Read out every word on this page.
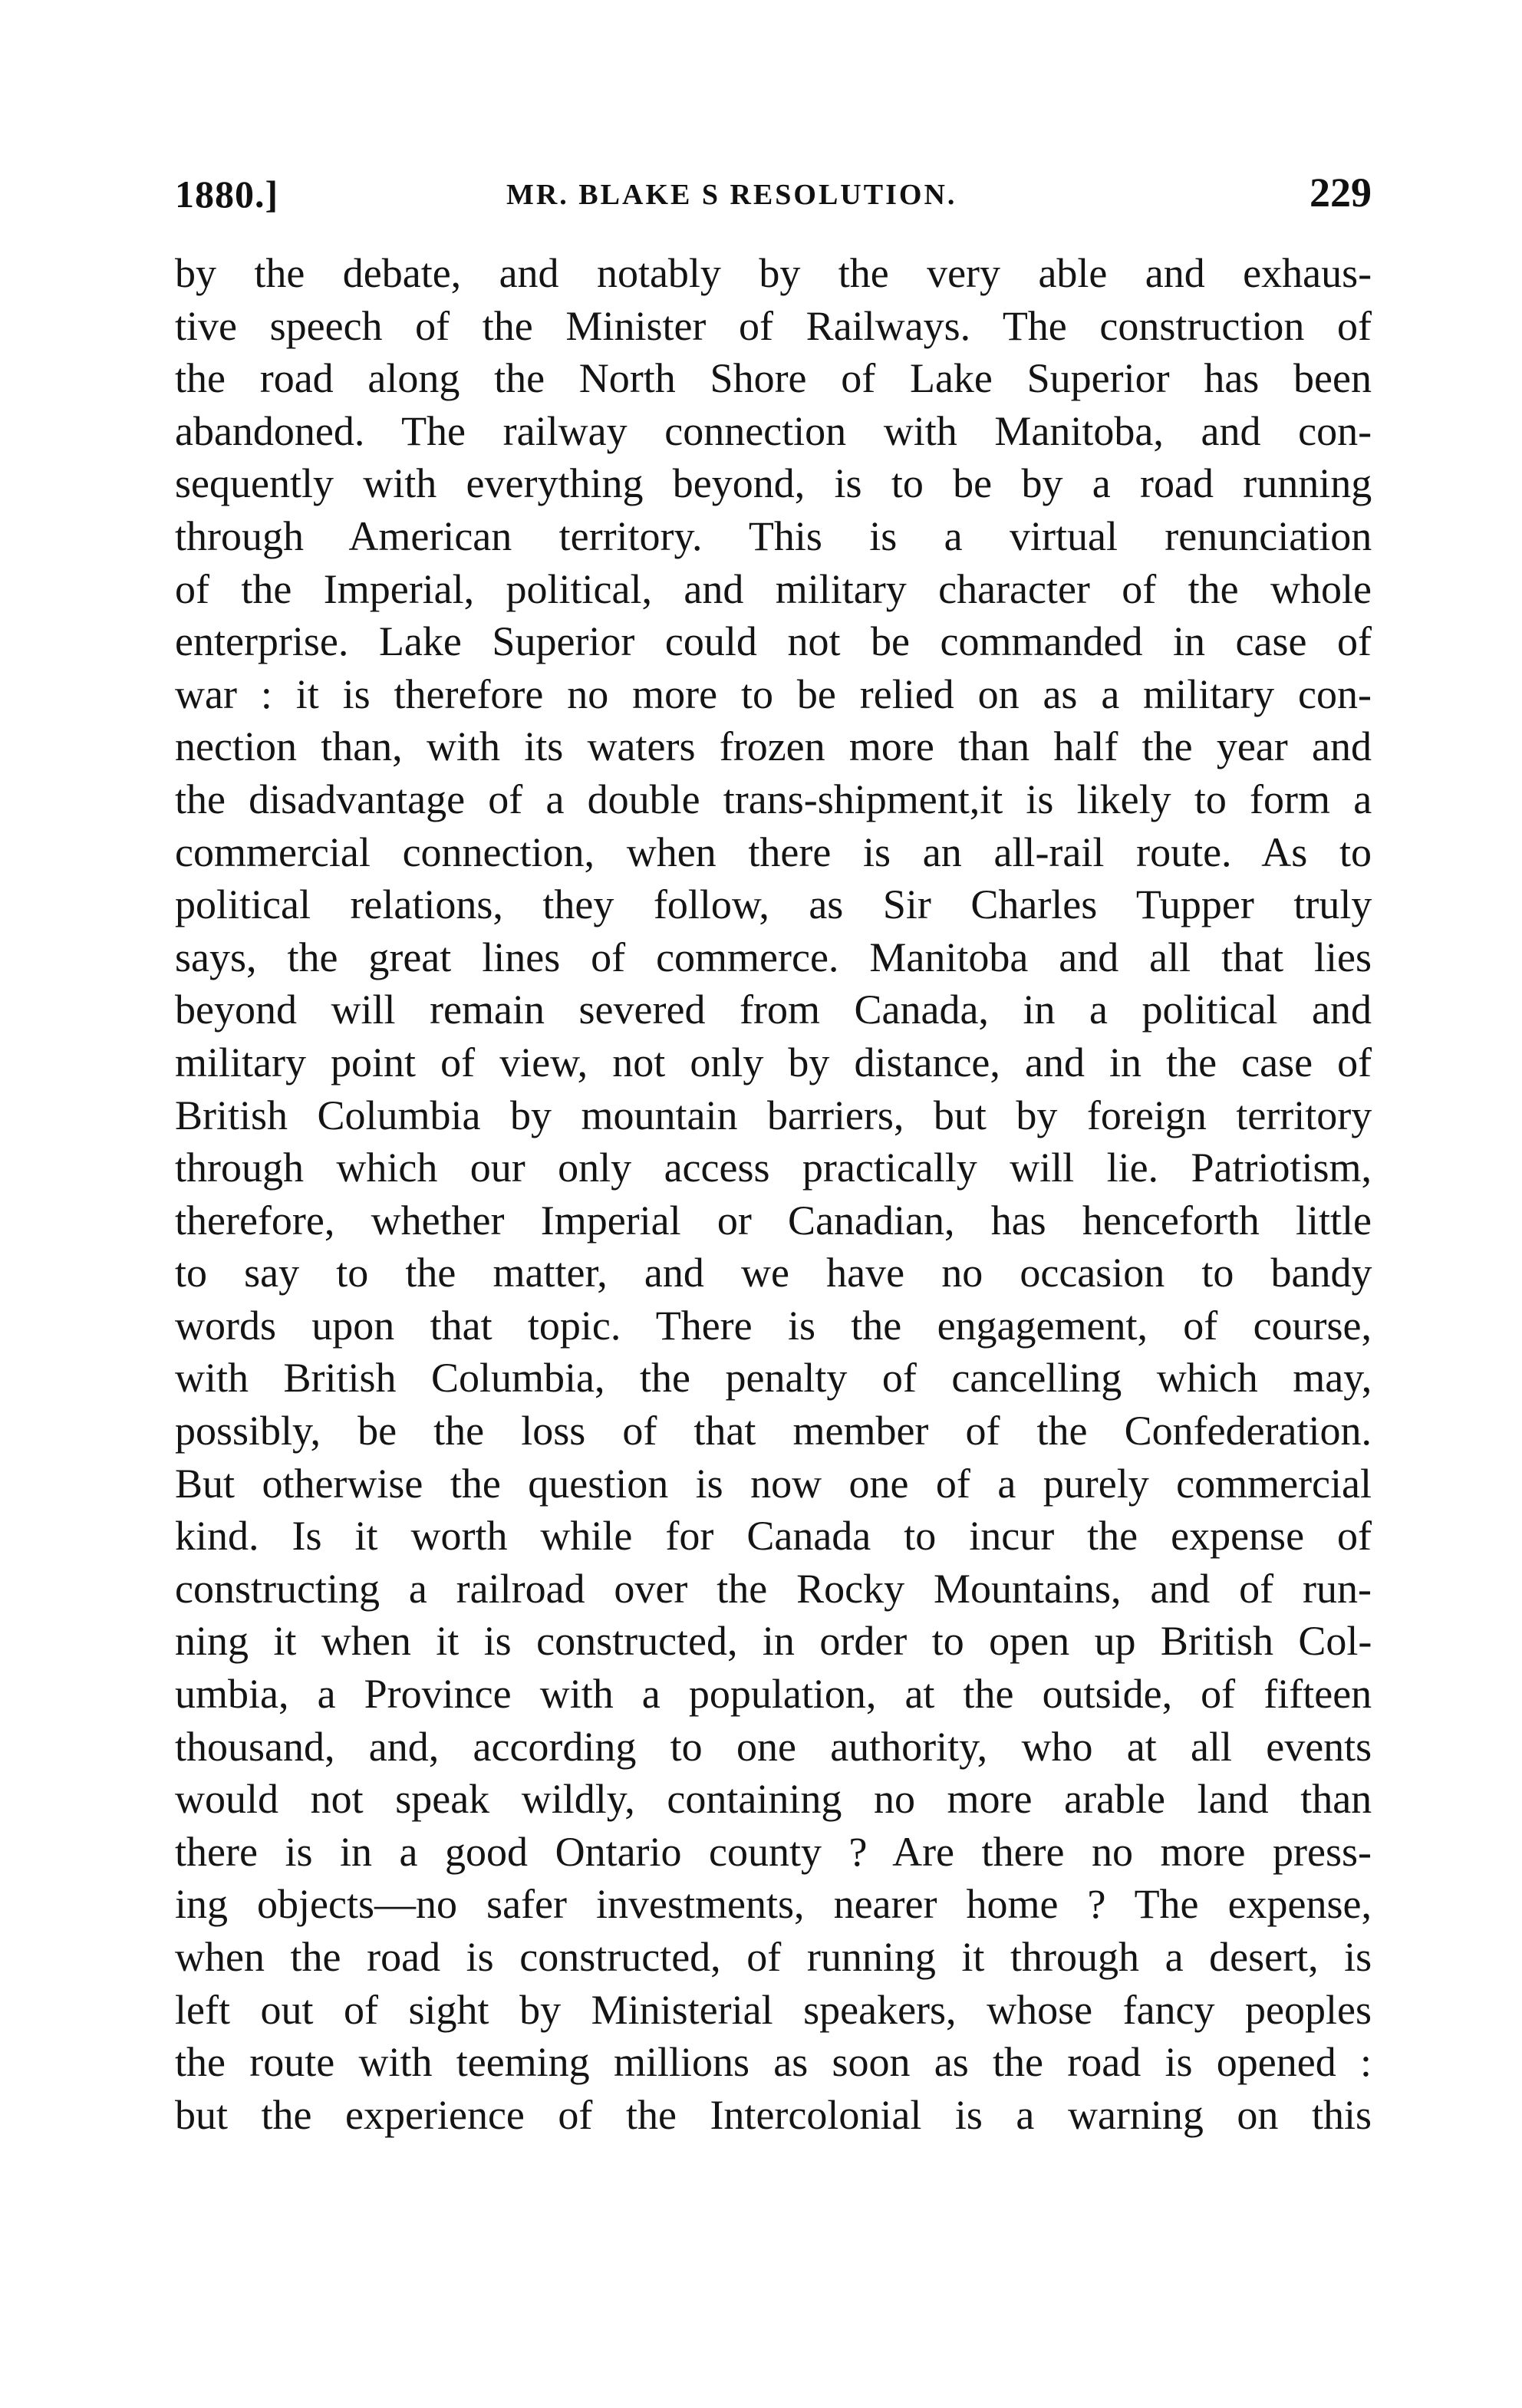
1880.]	MR. BLAKE S RESOLUTION.	229
by the debate, and notably by the very able and exhaus-
tive speech of the Minister of Railways. The construction of
the road along the North Shore of Lake Superior has been
abandoned. The railway connection with Manitoba, and con-
sequently with everything beyond, is to be by a road running
through American territory. This is a virtual renunciation
of the Imperial, political, and military character of the whole
enterprise. Lake Superior could not be commanded in case of
war : it is therefore no more to be relied on as a military con-
nection than, with its waters frozen more than half the year and
the disadvantage of a double trans-shipment,it is likely to form a
commercial connection, when there is an all-rail route. As to
political relations, they follow, as Sir Charles Tupper truly
says, the great lines of commerce. Manitoba and all that lies
beyond will remain severed from Canada, in a political and
military point of view, not only by distance, and in the case of
British Columbia by mountain barriers, but by foreign territory
through which our only access practically will lie. Patriotism,
therefore, whether Imperial or Canadian, has henceforth little
to say to the matter, and we have no occasion to bandy
words upon that topic. There is the engagement, of course,
with British Columbia, the penalty of cancelling which may,
possibly, be the loss of that member of the Confederation.
But otherwise the question is now one of a purely commercial
kind. Is it worth while for Canada to incur the expense of
constructing a railroad over the Rocky Mountains, and of run-
ning it when it is constructed, in order to open up British Col-
umbia, a Province with a population, at the outside, of fifteen
thousand, and, according to one authority, who at all events
would not speak wildly, containing no more arable land than
there is in a good Ontario county ? Are there no more press-
ing objects—no safer investments, nearer home ? The expense,
when the road is constructed, of running it through a desert, is
left out of sight by Ministerial speakers, whose fancy peoples
the route with teeming millions as soon as the road is opened :
but the experience of the Intercolonial is a warning on this
